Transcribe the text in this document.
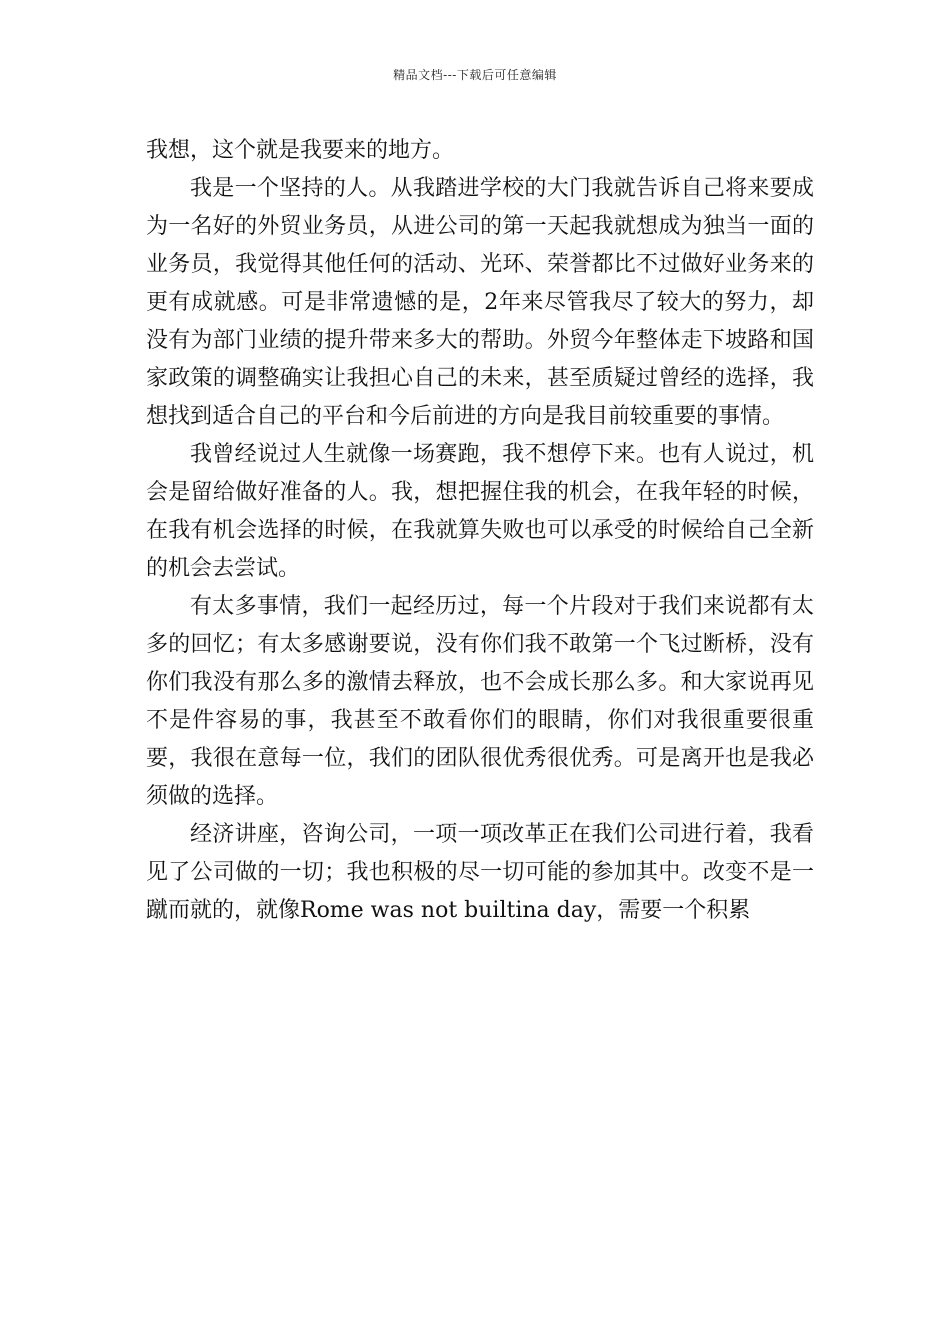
精品文档---下载后可任意编辑

我想，这个就是我要来的地方。

我是一个坚持的人。从我踏进学校的大门我就告诉自己将来要成为一名好的外贸业务员，从进公司的第一天起我就想成为独当一面的业务员，我觉得其他任何的活动、光环、荣誉都比不过做好业务来的更有成就感。可是非常遗憾的是，2年来尽管我尽了较大的努力，却没有为部门业绩的提升带来多大的帮助。外贸今年整体走下坡路和国家政策的调整确实让我担心自己的未来，甚至质疑过曾经的选择，我想找到适合自己的平台和今后前进的方向是我目前较重要的事情。

我曾经说过人生就像一场赛跑，我不想停下来。也有人说过，机会是留给做好准备的人。我，想把握住我的机会，在我年轻的时候，在我有机会选择的时候，在我就算失败也可以承受的时候给自己全新的机会去尝试。

有太多事情，我们一起经历过，每一个片段对于我们来说都有太多的回忆；有太多感谢要说，没有你们我不敢第一个飞过断桥，没有你们我没有那么多的激情去释放，也不会成长那么多。和大家说再见不是件容易的事，我甚至不敢看你们的眼睛，你们对我很重要很重要，我很在意每一位，我们的团队很优秀很优秀。可是离开也是我必须做的选择。

经济讲座，咨询公司，一项一项改革正在我们公司进行着，我看见了公司做的一切；我也积极的尽一切可能的参加其中。改变不是一蹴而就的，就像Rome was not builtina day，需要一个积累
